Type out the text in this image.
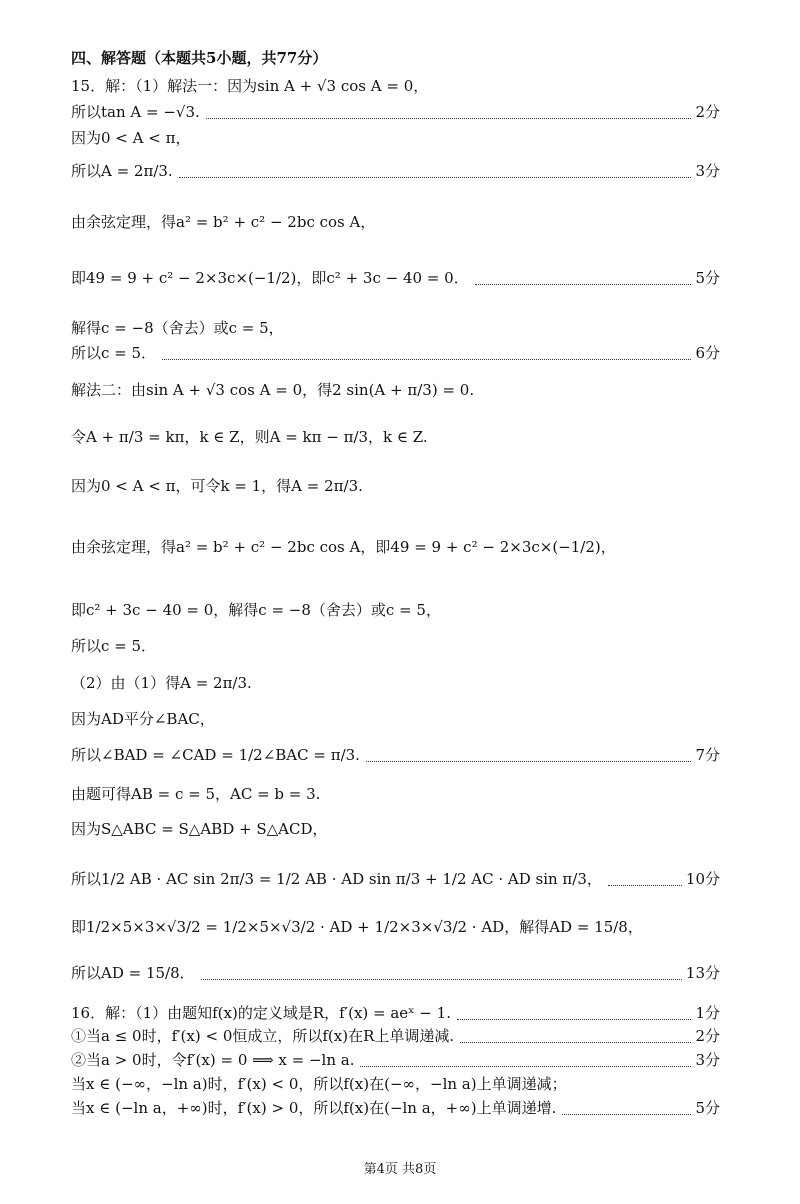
四、解答题（本题共5小题，共77分）
15．解：（1）解法一：因为sin A + √3 cos A = 0，
所以tan A = −√3.	2分
因为0 < A < π，
所以A = 2π/3.	3分
由余弦定理，得a² = b² + c² − 2bc cos A，
即49 = 9 + c² − 2×3c×(−1/2)，即c² + 3c − 40 = 0．	5分
解得c = −8（舍去）或c = 5，
所以c = 5．	6分
解法二：由sin A + √3 cos A = 0，得2 sin(A + π/3) = 0.
令A + π/3 = kπ，k ∈ Z，则A = kπ − π/3，k ∈ Z.
因为0 < A < π，可令k = 1，得A = 2π/3.
由余弦定理，得a² = b² + c² − 2bc cos A，即49 = 9 + c² − 2×3c×(−1/2)，
即c² + 3c − 40 = 0，解得c = −8（舍去）或c = 5，
所以c = 5．
（2）由（1）得A = 2π/3.
因为AD平分∠BAC，
所以∠BAD = ∠CAD = 1/2∠BAC = π/3.	7分
由题可得AB = c = 5，AC = b = 3.
因为S△ABC = S△ABD + S△ACD，
所以1/2 AB · AC sin 2π/3 = 1/2 AB · AD sin π/3 + 1/2 AC · AD sin π/3，	10分
即1/2×5×3×√3/2 = 1/2×5×√3/2 · AD + 1/2×3×√3/2 · AD，解得AD = 15/8，
所以AD = 15/8．	13分
16．解：（1）由题知f(x)的定义域是R，f′(x) = aeˣ − 1.	1分
①当a ≤ 0时，f′(x) < 0恒成立，所以f(x)在R上单调递减.	2分
②当a > 0时，令f′(x) = 0 ⟹ x = −ln a.	3分
当x ∈ (−∞，−ln a)时，f′(x) < 0，所以f(x)在(−∞，−ln a)上单调递减；
当x ∈ (−ln a，+∞)时，f′(x) > 0，所以f(x)在(−ln a，+∞)上单调递增.	5分
第4页 共8页
